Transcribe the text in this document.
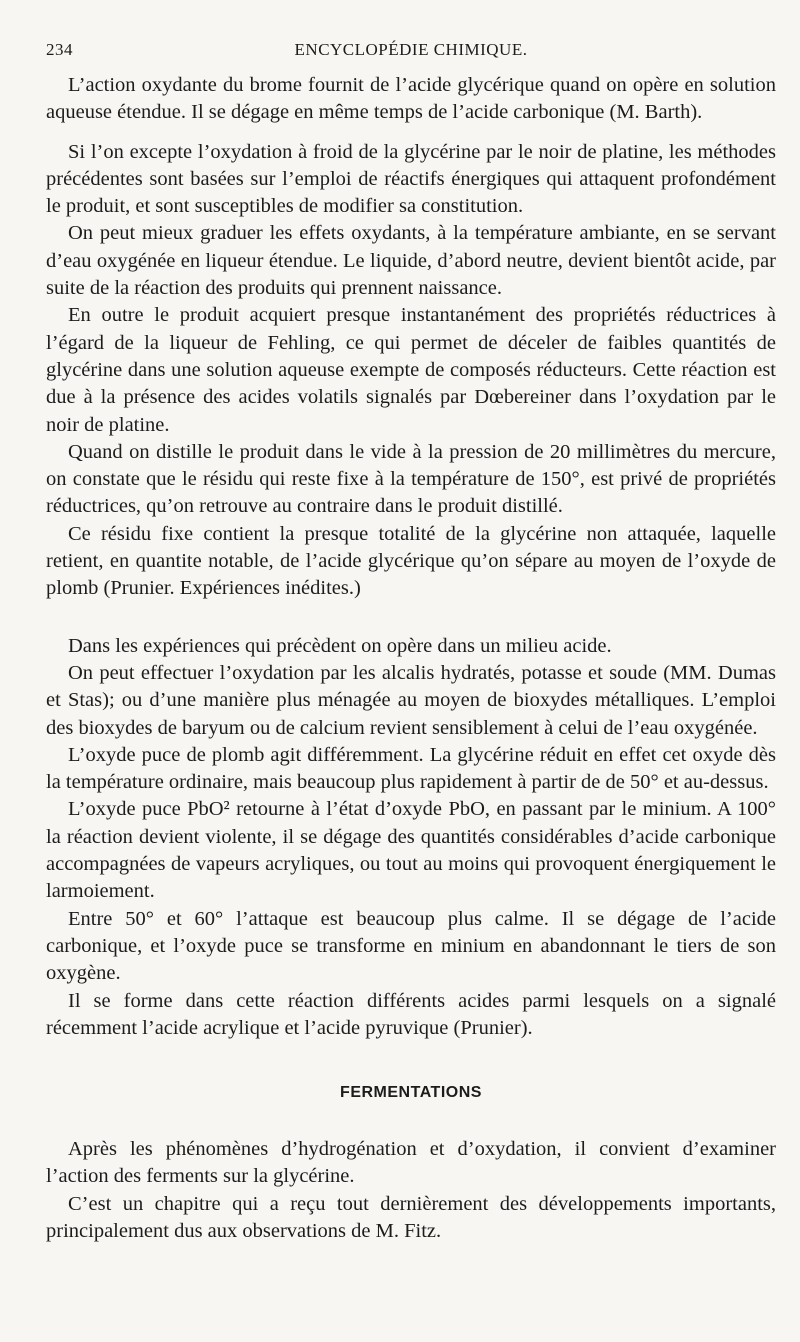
234	ENCYCLOPÉDIE CHIMIQUE.

L’action oxydante du brome fournit de l’acide glycérique quand on opère en solution aqueuse étendue. Il se dégage en même temps de l’acide carbonique (M. Barth).

Si l’on excepte l’oxydation à froid de la glycérine par le noir de platine, les méthodes précédentes sont basées sur l’emploi de réactifs énergiques qui attaquent profondément le produit, et sont susceptibles de modifier sa constitution.

On peut mieux graduer les effets oxydants, à la température ambiante, en se servant d’eau oxygénée en liqueur étendue. Le liquide, d’abord neutre, devient bientôt acide, par suite de la réaction des produits qui prennent naissance.

En outre le produit acquiert presque instantanément des propriétés réductrices à l’égard de la liqueur de Fehling, ce qui permet de déceler de faibles quantités de glycérine dans une solution aqueuse exempte de composés réducteurs. Cette réaction est due à la présence des acides volatils signalés par Dœbereiner dans l’oxydation par le noir de platine.

Quand on distille le produit dans le vide à la pression de 20 millimètres du mercure, on constate que le résidu qui reste fixe à la température de 150°, est privé de propriétés réductrices, qu’on retrouve au contraire dans le produit distillé.

Ce résidu fixe contient la presque totalité de la glycérine non attaquée, laquelle retient, en quantite notable, de l’acide glycérique qu’on sépare au moyen de l’oxyde de plomb (Prunier. Expériences inédites.)

Dans les expériences qui précèdent on opère dans un milieu acide.

On peut effectuer l’oxydation par les alcalis hydratés, potasse et soude (MM. Dumas et Stas); ou d’une manière plus ménagée au moyen de bioxydes métalliques. L’emploi des bioxydes de baryum ou de calcium revient sensiblement à celui de l’eau oxygénée.

L’oxyde puce de plomb agit différemment. La glycérine réduit en effet cet oxyde dès la température ordinaire, mais beaucoup plus rapidement à partir de de 50° et au-dessus.

L’oxyde puce PbO² retourne à l’état d’oxyde PbO, en passant par le minium. A 100° la réaction devient violente, il se dégage des quantités considérables d’acide carbonique accompagnées de vapeurs acryliques, ou tout au moins qui provoquent énergiquement le larmoiement.

Entre 50° et 60° l’attaque est beaucoup plus calme. Il se dégage de l’acide carbonique, et l’oxyde puce se transforme en minium en abandonnant le tiers de son oxygène.

Il se forme dans cette réaction différents acides parmi lesquels on a signalé récemment l’acide acrylique et l’acide pyruvique (Prunier).

FERMENTATIONS

Après les phénomènes d’hydrogénation et d’oxydation, il convient d’examiner l’action des ferments sur la glycérine.

C’est un chapitre qui a reçu tout dernièrement des développements importants, principalement dus aux observations de M. Fitz.
